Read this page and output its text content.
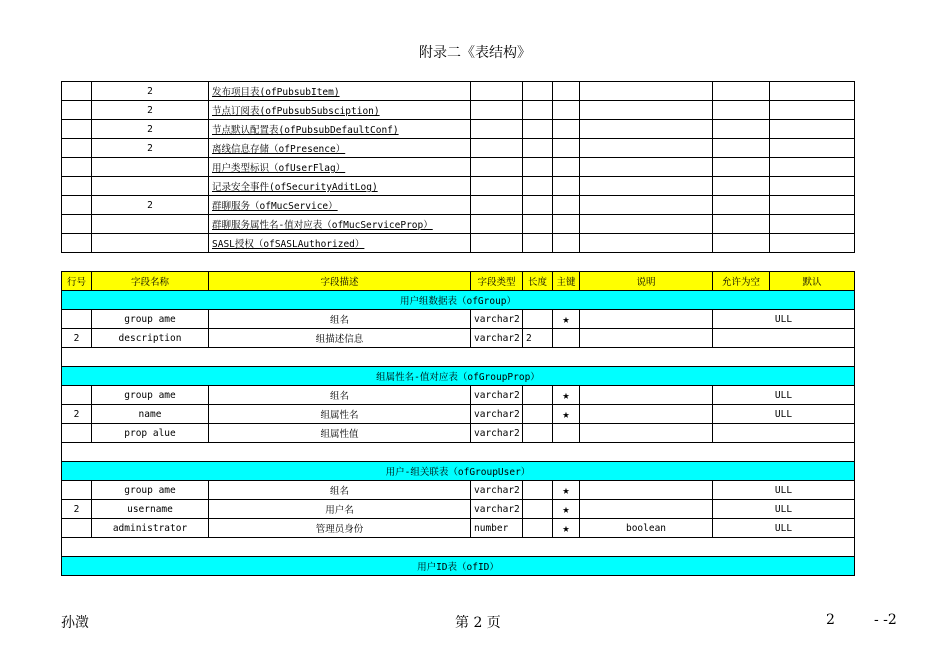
附录二《表结构》
	2	发布项目表(ofPubsubItem)						
	2	节点订阅表(ofPubsubSubsciption)						
	2	节点默认配置表(ofPubsubDefaultConf)						
	2	离线信息存储（ofPresence）						
		用户类型标识（ofUserFlag）						
		记录安全事件(ofSecurityAditLog)						
	2	群聊服务（ofMucService）						
		群聊服务属性名-值对应表（ofMucServiceProp）						
		SASL授权（ofSASLAuthorized）						
行号	字段名称	字段描述	字段类型	长度	主键	说明	允许为空	默认
用户组数据表（ofGroup）								
	group ame	组名	varchar2		★		ULL	
2	description	组描述信息	varchar2	2				

组属性名-值对应表（ofGroupProp）								
	group ame	组名	varchar2		★		ULL	
2	name	组属性名	varchar2		★		ULL	
	prop alue	组属性值	varchar2					

用户-组关联表（ofGroupUser）								
	group ame	组名	varchar2		★		ULL	
2	username	用户名	varchar2		★		ULL	
	administrator	管理员身份	number		★	boolean	ULL	

用户ID表（ofID）								
孙澂	第 2 页	2	- -2
